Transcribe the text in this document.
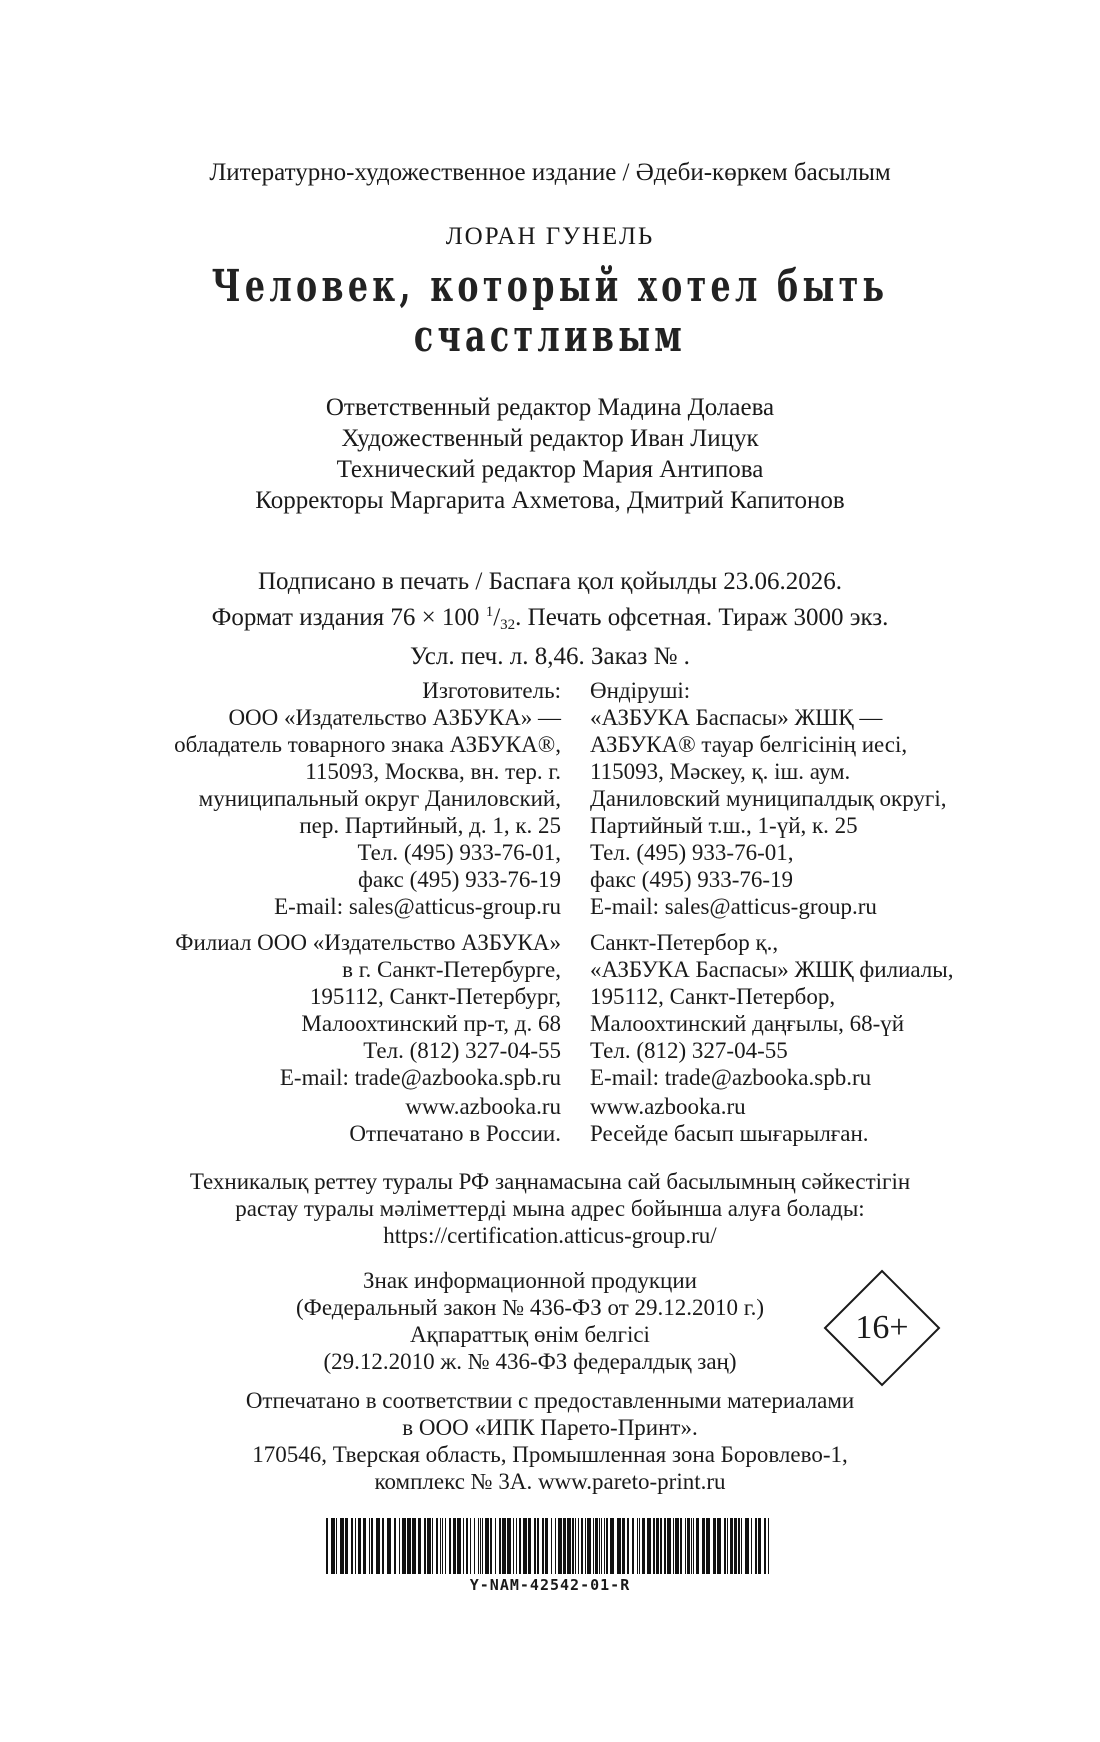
Литературно-художественное издание / Әдеби-көркем басылым
ЛОРАН ГУНЕЛЬ
Человек, который хотел быть
счастливым
Ответственный редактор Мадина Долаева
Художественный редактор Иван Лицук
Технический редактор Мария Антипова
Корректоры Маргарита Ахметова, Дмитрий Капитонов
Подписано в печать / Баспаға қол қойылды 23.06.2026.
Формат издания 76 × 100 $^1$/32. Печать офсетная. Тираж 3000 экз.
Усл. печ. л. 8,46. Заказ № .
Изготовитель:
ООО «Издательство АЗБУКА» —
обладатель товарного знака АЗБУКА®,
115093, Москва, вн. тер. г.
муниципальный округ Даниловский,
пер. Партийный, д. 1, к. 25
Тел. (495) 933-76-01,
факс (495) 933-76-19
E-mail: sales@atticus-group.ru
Өндіруші:
«АЗБУКА Баспасы» ЖШҚ —
АЗБУКА® тауар белгісінің иесі,
115093, Мәскеу, қ. іш. аум.
Даниловский муниципалдық округі,
Партийный т.ш., 1-үй, к. 25
Тел. (495) 933-76-01,
факс (495) 933-76-19
E-mail: sales@atticus-group.ru
Филиал ООО «Издательство АЗБУКА»
в г. Санкт-Петербурге,
195112, Санкт-Петербург,
Малоохтинский пр-т, д. 68
Тел. (812) 327-04-55
E-mail: trade@azbooka.spb.ru
Санкт-Петербор қ.,
«АЗБУКА Баспасы» ЖШҚ филиалы,
195112, Санкт-Петербор,
Малоохтинский даңғылы, 68-үй
Тел. (812) 327-04-55
E-mail: trade@azbooka.spb.ru
www.azbooka.ru
Отпечатано в России.
www.azbooka.ru
Ресейде басып шығарылған.
Техникалық реттеу туралы РФ заңнамасына сай басылымның сәйкестігін
растау туралы мәліметтерді мына адрес бойынша алуға болады:
https://certification.atticus-group.ru/
Знак информационной продукции
(Федеральный закон № 436-ФЗ от 29.12.2010 г.)
Ақпараттық өнім белгісі
(29.12.2010 ж. № 436-ФЗ федералдық заң)
16+
Отпечатано в соответствии с предоставленными материалами
в ООО «ИПК Парето-Принт».
170546, Тверская область, Промышленная зона Боровлево-1,
комплекс № 3А. www.pareto-print.ru
Y-NAM-42542-01-R
